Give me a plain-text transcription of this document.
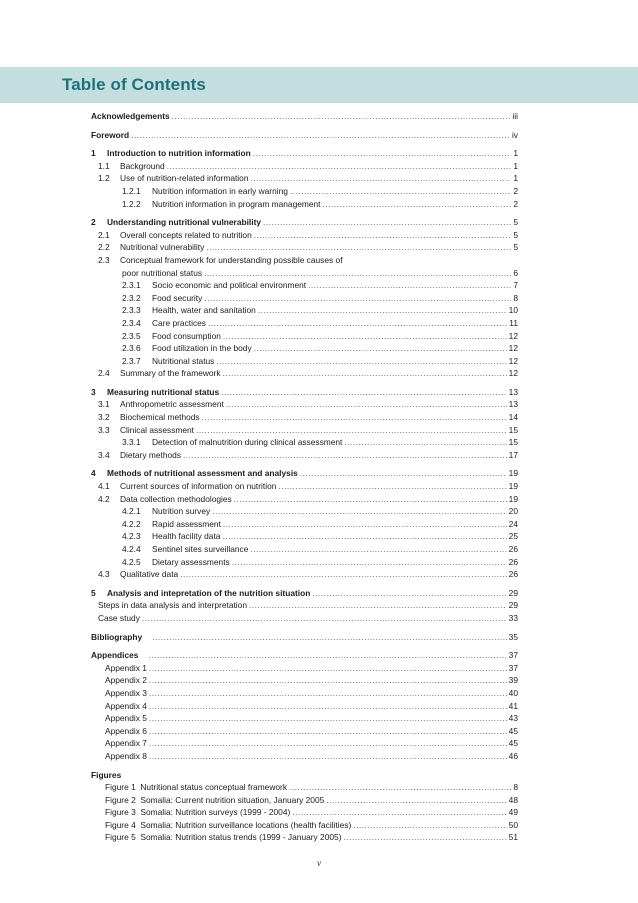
Table of Contents
Acknowledgements .....	iii
Foreword .....	iv
1	Introduction to nutrition information .....	1
1.1	Background .....	1
1.2	Use of nutrition-related information .....	1
1.2.1	Nutrition information in early warning .....	2
1.2.2	Nutrition information in program management .....	2
2	Understanding nutritional vulnerability .....	5
2.1	Overall concepts related to nutrition .....	5
2.2	Nutritional vulnerability .....	5
2.3	Conceptual framework for understanding possible causes of
poor nutritional status .....	6
2.3.1	Socio economic and political environment .....	7
2.3.2	Food security .....	8
2.3.3	Health, water and sanitation .....	10
2.3.4	Care practices .....	11
2.3.5	Food consumption .....	12
2.3.6	Food utilization in the body .....	12
2.3.7	Nutritional status .....	12
2.4	Summary of the framework .....	12
3	Measuring nutritional status .....	13
3.1	Anthropometric assessment .....	13
3.2	Biochemical methods .....	14
3.3	Clinical assessment .....	15
3.3.1	Detection of malnutrition during clinical assessment .....	15
3.4	Dietary methods .....	17
4	Methods of nutritional assessment and analysis .....	19
4.1	Current sources of information on nutrition .....	19
4.2	Data collection methodologies .....	19
4.2.1	Nutrition survey .....	20
4.2.2	Rapid assessment .....	24
4.2.3	Health facility data .....	25
4.2.4	Sentinel sites surveillance .....	26
4.2.5	Dietary assessments .....	26
4.3	Qualitative data .....	26
5	Analysis and intepretation of the nutrition situation .....	29
Steps in data analysis and interpretation .....	29
Case study .....	33
Bibliography .....	35
Appendices .....	37
Appendix 1 .....	37
Appendix 2 .....	39
Appendix 3 .....	40
Appendix 4 .....	41
Appendix 5 .....	43
Appendix 6 .....	45
Appendix 7 .....	45
Appendix 8 .....	46
Figures
Figure 1  Nutritional status conceptual framework .....	8
Figure 2  Somalia: Current nutrition situation, January 2005 .....	48
Figure 3  Somalia: Nutrition surveys (1999 - 2004) .....	49
Figure 4  Somalia: Nutrition surveillance locations (health facilities) .....	50
Figure 5  Somalia: Nutrition status trends (1999 - January 2005) .....	51
v
